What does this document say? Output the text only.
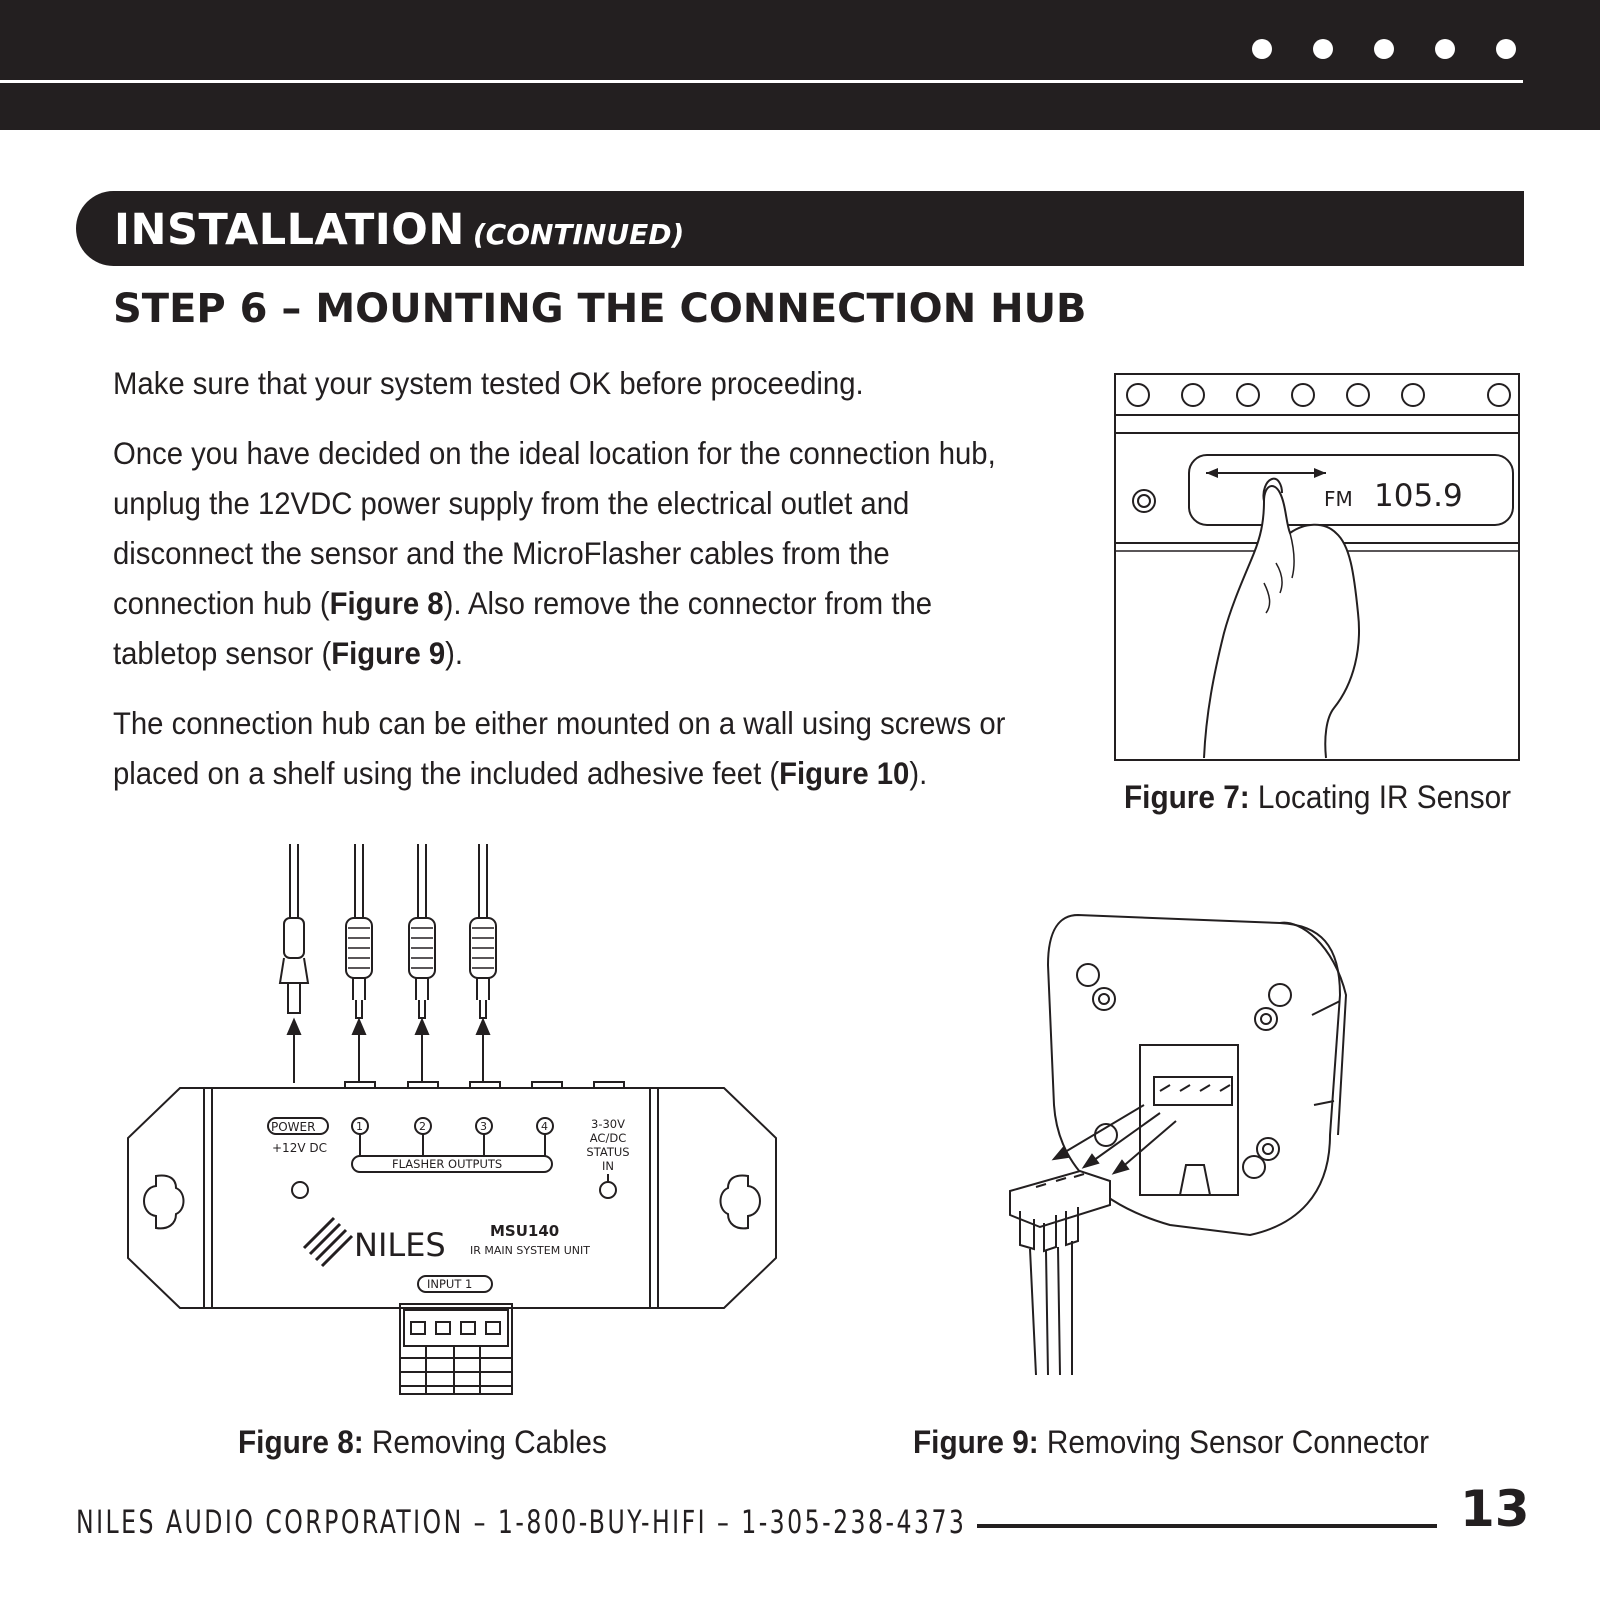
INSTALLATION (CONTINUED)
STEP 6 – MOUNTING THE CONNECTION HUB

Make sure that your system tested OK before proceeding.

Once you have decided on the ideal location for the connection hub, unplug the 12VDC power supply from the electrical outlet and disconnect the sensor and the MicroFlasher cables from the connection hub (Figure 8). Also remove the connector from the tabletop sensor (Figure 9).

The connection hub can be either mounted on a wall using screws or placed on a shelf using the included adhesive feet (Figure 10).

FM 105.9
Figure 7: Locating IR Sensor
POWER
+12V DC
1	2	3	4
FLASHER OUTPUTS
3-30V
AC/DC
STATUS
IN
NILES	MSU140
IR MAIN SYSTEM UNIT
INPUT 1
Figure 8: Removing Cables	Figure 9: Removing Sensor Connector
NILES AUDIO CORPORATION – 1-800-BUY-HIFI – 1-305-238-4373	13
